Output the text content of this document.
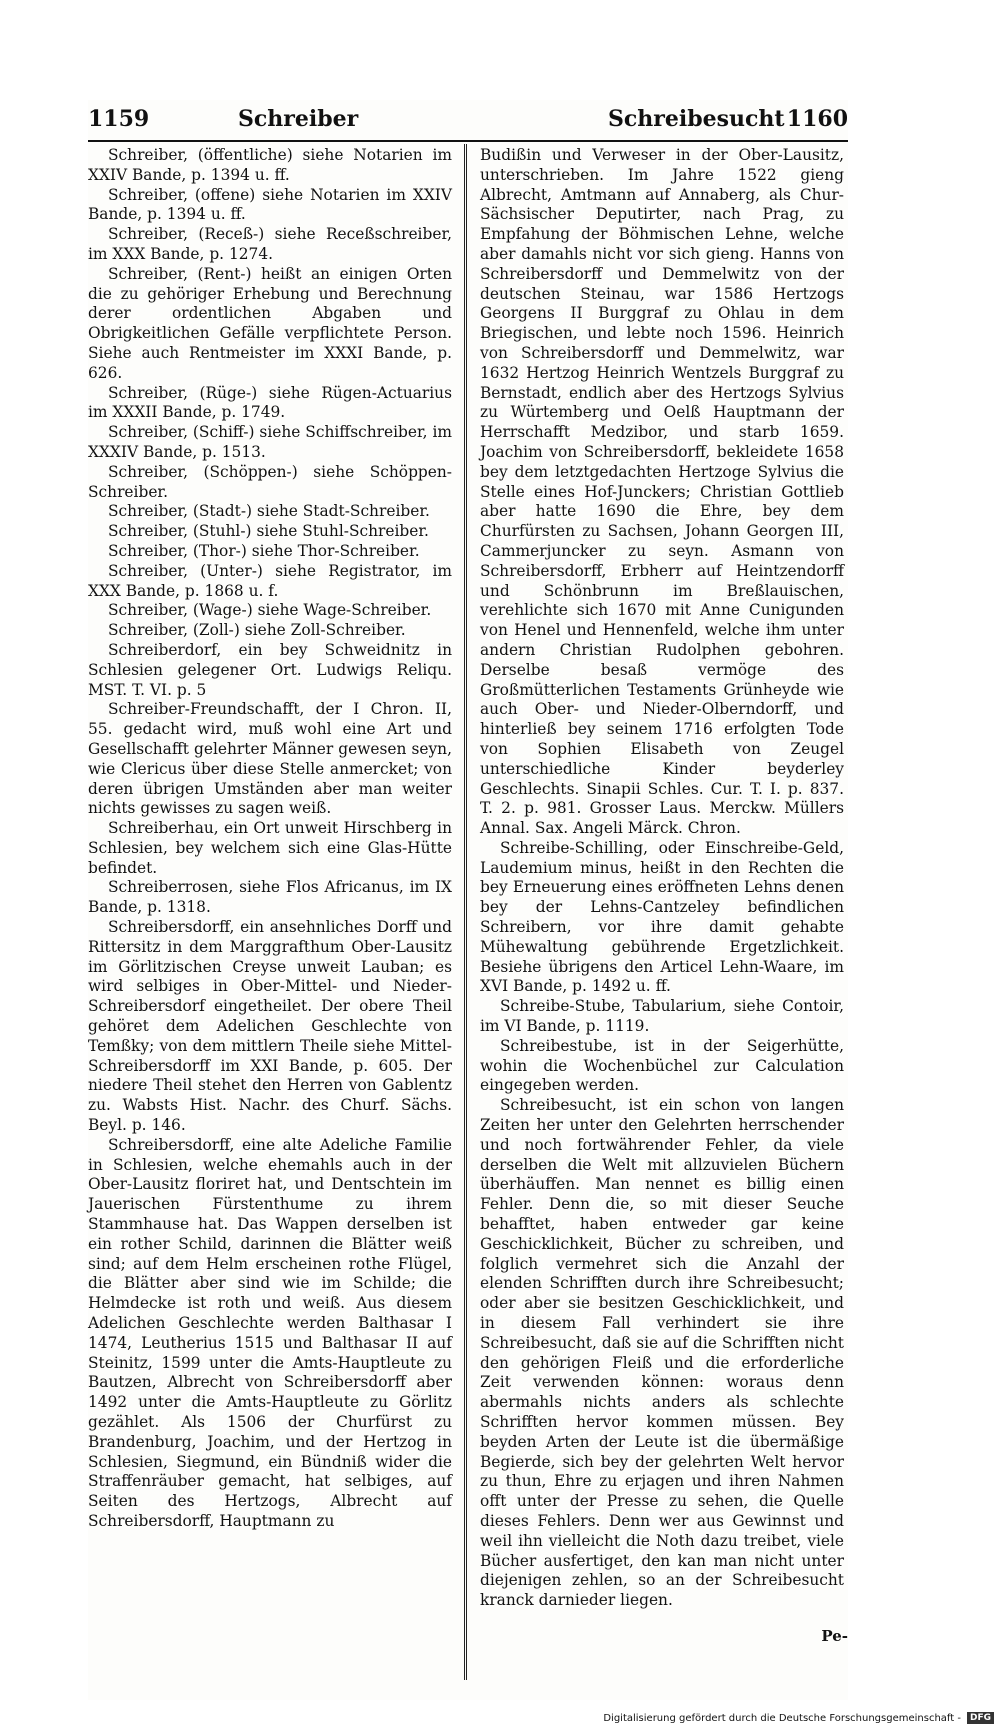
1159	Schreiber	Schreibesucht 1160

Schreiber, (öffentliche) siehe Notarien im XXIV Bande, p. 1394 u. ff.

Schreiber, (offene) siehe Notarien im XXIV Bande, p. 1394 u. ff.

Schreiber, (Receß-) siehe Receßschreiber, im XXX Bande, p. 1274.

Schreiber, (Rent-) heißt an einigen Orten die zu gehöriger Erhebung und Berechnung derer ordentlichen Abgaben und Obrigkeitlichen Gefälle verpflichtete Person. Siehe auch Rentmeister im XXXI Bande, p. 626.

Schreiber, (Rüge-) siehe Rügen-Actuarius im XXXII Bande, p. 1749.

Schreiber, (Schiff-) siehe Schiffschreiber, im XXXIV Bande, p. 1513.

Schreiber, (Schöppen-) siehe Schöppen-Schreiber.

Schreiber, (Stadt-) siehe Stadt-Schreiber.

Schreiber, (Stuhl-) siehe Stuhl-Schreiber.

Schreiber, (Thor-) siehe Thor-Schreiber.

Schreiber, (Unter-) siehe Registrator, im XXX Bande, p. 1868 u. f.

Schreiber, (Wage-) siehe Wage-Schreiber.

Schreiber, (Zoll-) siehe Zoll-Schreiber.

Schreiberdorf, ein bey Schweidnitz in Schlesien gelegener Ort. Ludwigs Reliqu. MST. T. VI. p. 5

Schreiber-Freundschafft, der I Chron. II, 55. gedacht wird, muß wohl eine Art und Gesellschafft gelehrter Männer gewesen seyn, wie Clericus über diese Stelle anmercket; von deren übrigen Umständen aber man weiter nichts gewisses zu sagen weiß.

Schreiberhau, ein Ort unweit Hirschberg in Schlesien, bey welchem sich eine Glas-Hütte befindet.

Schreiberrosen, siehe Flos Africanus, im IX Bande, p. 1318.

Schreibersdorff, ein ansehnliches Dorff und Rittersitz in dem Marggrafthum Ober-Lausitz im Görlitzischen Creyse unweit Lauban; es wird selbiges in Ober-Mittel- und Nieder-Schreibersdorf eingetheilet. Der obere Theil gehöret dem Adelichen Geschlechte von Temßky; von dem mittlern Theile siehe Mittel-Schreibersdorff im XXI Bande, p. 605. Der niedere Theil stehet den Herren von Gablentz zu. Wabsts Hist. Nachr. des Churf. Sächs. Beyl. p. 146.

Schreibersdorff, eine alte Adeliche Familie in Schlesien, welche ehemahls auch in der Ober-Lausitz floriret hat, und Dentschtein im Jauerischen Fürstenthume zu ihrem Stammhause hat. Das Wappen derselben ist ein rother Schild, darinnen die Blätter weiß sind; auf dem Helm erscheinen rothe Flügel, die Blätter aber sind wie im Schilde; die Helmdecke ist roth und weiß. Aus diesem Adelichen Geschlechte werden Balthasar I 1474, Leutherius 1515 und Balthasar II auf Steinitz, 1599 unter die Amts-Hauptleute zu Bautzen, Albrecht von Schreibersdorff aber 1492 unter die Amts-Hauptleute zu Görlitz gezählet. Als 1506 der Churfürst zu Brandenburg, Joachim, und der Hertzog in Schlesien, Siegmund, ein Bündniß wider die Straffenräuber gemacht, hat selbiges, auf Seiten des Hertzogs, Albrecht auf Schreibersdorff, Hauptmann zu

Budißin und Verweser in der Ober-Lausitz, unterschrieben. Im Jahre 1522 gieng Albrecht, Amtmann auf Annaberg, als Chur-Sächsischer Deputirter, nach Prag, zu Empfahung der Böhmischen Lehne, welche aber damahls nicht vor sich gieng. Hanns von Schreibersdorff und Demmelwitz von der deutschen Steinau, war 1586 Hertzogs Georgens II Burggraf zu Ohlau in dem Briegischen, und lebte noch 1596. Heinrich von Schreibersdorff und Demmelwitz, war 1632 Hertzog Heinrich Wentzels Burggraf zu Bernstadt, endlich aber des Hertzogs Sylvius zu Würtemberg und Oelß Hauptmann der Herrschafft Medzibor, und starb 1659. Joachim von Schreibersdorff, bekleidete 1658 bey dem letztgedachten Hertzoge Sylvius die Stelle eines Hof-Junckers; Christian Gottlieb aber hatte 1690 die Ehre, bey dem Churfürsten zu Sachsen, Johann Georgen III, Cammerjuncker zu seyn. Asmann von Schreibersdorff, Erbherr auf Heintzendorff und Schönbrunn im Breßlauischen, verehlichte sich 1670 mit Anne Cunigunden von Henel und Hennenfeld, welche ihm unter andern Christian Rudolphen gebohren. Derselbe besaß vermöge des Großmütterlichen Testaments Grünheyde wie auch Ober- und Nieder-Olberndorff, und hinterließ bey seinem 1716 erfolgten Tode von Sophien Elisabeth von Zeugel unterschiedliche Kinder beyderley Geschlechts. Sinapii Schles. Cur. T. I. p. 837. T. 2. p. 981. Grosser Laus. Merckw. Müllers Annal. Sax. Angeli Märck. Chron.

Schreibe-Schilling, oder Einschreibe-Geld, Laudemium minus, heißt in den Rechten die bey Erneuerung eines eröffneten Lehns denen bey der Lehns-Cantzeley befindlichen Schreibern, vor ihre damit gehabte Mühewaltung gebührende Ergetzlichkeit. Besiehe übrigens den Articel Lehn-Waare, im XVI Bande, p. 1492 u. ff.

Schreibe-Stube, Tabularium, siehe Contoir, im VI Bande, p. 1119.

Schreibestube, ist in der Seigerhütte, wohin die Wochenbüchel zur Calculation eingegeben werden.

Schreibesucht, ist ein schon von langen Zeiten her unter den Gelehrten herrschender und noch fortwährender Fehler, da viele derselben die Welt mit allzuvielen Büchern überhäuffen. Man nennet es billig einen Fehler. Denn die, so mit dieser Seuche behafftet, haben entweder gar keine Geschicklichkeit, Bücher zu schreiben, und folglich vermehret sich die Anzahl der elenden Schrifften durch ihre Schreibesucht; oder aber sie besitzen Geschicklichkeit, und in diesem Fall verhindert sie ihre Schreibesucht, daß sie auf die Schrifften nicht den gehörigen Fleiß und die erforderliche Zeit verwenden können: woraus denn abermahls nichts anders als schlechte Schrifften hervor kommen müssen. Bey beyden Arten der Leute ist die übermäßige Begierde, sich bey der gelehrten Welt hervor zu thun, Ehre zu erjagen und ihren Nahmen offt unter der Presse zu sehen, die Quelle dieses Fehlers. Denn wer aus Gewinnst und weil ihn vielleicht die Noth dazu treibet, viele Bücher ausfertiget, den kan man nicht unter diejenigen zehlen, so an der Schreibesucht kranck darnieder liegen.

Pe-
Digitalisierung gefördert durch die Deutsche Forschungsgemeinschaft -	DFG
